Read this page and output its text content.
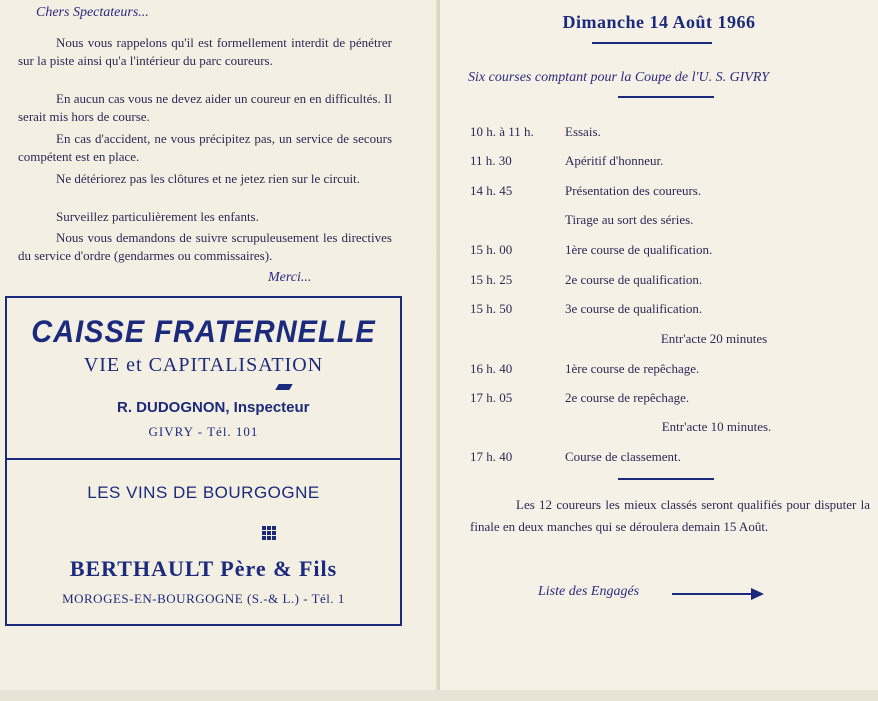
Chers Spectateurs...

Nous vous rappelons qu'il est formellement interdit de pénétrer sur la piste ainsi qu'a l'intérieur du parc coureurs.

En aucun cas vous ne devez aider un coureur en en difficultés. Il serait mis hors de course.

En cas d'accident, ne vous précipitez pas, un service de secours compétent est en place.

Ne détériorez pas les clôtures et ne jetez rien sur le circuit.

Surveillez particulièrement les enfants.

Nous vous demandons de suivre scrupuleusement les directives du service d'ordre (gendarmes ou commissaires).

Merci...
CAISSE FRATERNELLE
VIE et CAPITALISATION
R. DUDOGNON, Inspecteur
GIVRY - Tél. 101
LES VINS DE BOURGOGNE
BERTHAULT Père & Fils
MOROGES-EN-BOURGOGNE (S.-& L.) - Tél. 1
Dimanche 14 Août 1966
Six courses comptant pour la Coupe de l'U. S. GIVRY
10 h. à 11 h. Essais.
11 h. 30	Apéritif d'honneur.
14 h. 45	Présentation des coureurs.
Tirage au sort des séries.
15 h. 00	1ère course de qualification.
15 h. 25	2e course de qualification.
15 h. 50	3e course de qualification.
Entr'acte 20 minutes
16 h. 40	1ère course de repêchage.
17 h. 05	2e course de repêchage.
Entr'acte 10 minutes.
17 h. 40	Course de classement.

Les 12 coureurs les mieux classés seront qualifiés pour disputer la finale en deux manches qui se déroulera demain 15 Août.

Liste des Engagés
